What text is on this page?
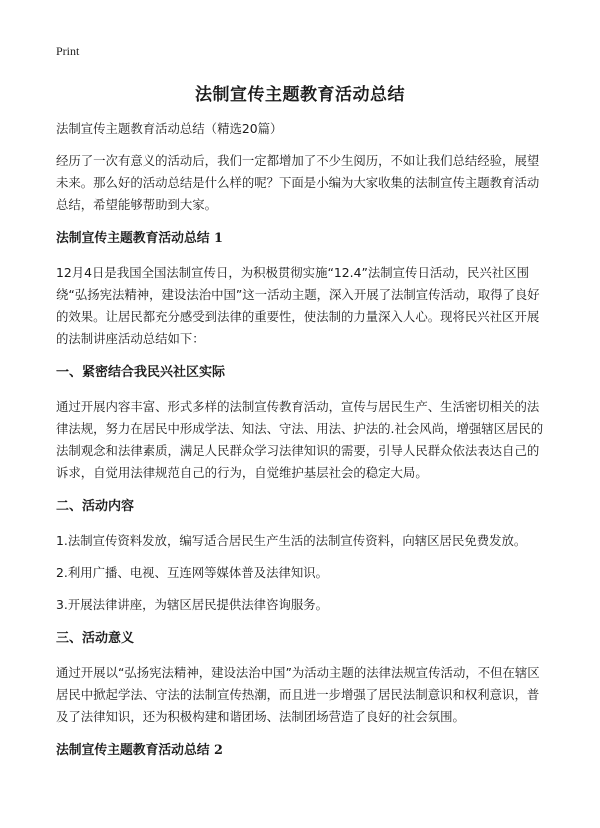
Print
法制宣传主题教育活动总结

法制宣传主题教育活动总结（精选20篇）

经历了一次有意义的活动后，我们一定都增加了不少生阅历，不如让我们总结经验，展望未来。那么好的活动总结是什么样的呢？下面是小编为大家收集的法制宣传主题教育活动总结，希望能够帮助到大家。

法制宣传主题教育活动总结 1

12月4日是我国全国法制宣传日，为积极贯彻实施“12.4”法制宣传日活动，民兴社区围绕“弘扬宪法精神，建设法治中国”这一活动主题，深入开展了法制宣传活动，取得了良好的效果。让居民都充分感受到法律的重要性，使法制的力量深入人心。现将民兴社区开展的法制讲座活动总结如下：

一、紧密结合我民兴社区实际

通过开展内容丰富、形式多样的法制宣传教育活动，宣传与居民生产、生活密切相关的法律法规，努力在居民中形成学法、知法、守法、用法、护法的.社会风尚，增强辖区居民的法制观念和法律素质，满足人民群众学习法律知识的需要，引导人民群众依法表达自己的诉求，自觉用法律规范自己的行为，自觉维护基层社会的稳定大局。

二、活动内容

1.法制宣传资料发放，编写适合居民生产生活的法制宣传资料，向辖区居民免费发放。

2.利用广播、电视、互连网等媒体普及法律知识。

3.开展法律讲座，为辖区居民提供法律咨询服务。

三、活动意义

通过开展以“弘扬宪法精神，建设法治中国”为活动主题的法律法规宣传活动，不但在辖区居民中掀起学法、守法的法制宣传热潮，而且进一步增强了居民法制意识和权利意识，普及了法律知识，还为积极构建和谐团场、法制团场营造了良好的社会氛围。

法制宣传主题教育活动总结 2
